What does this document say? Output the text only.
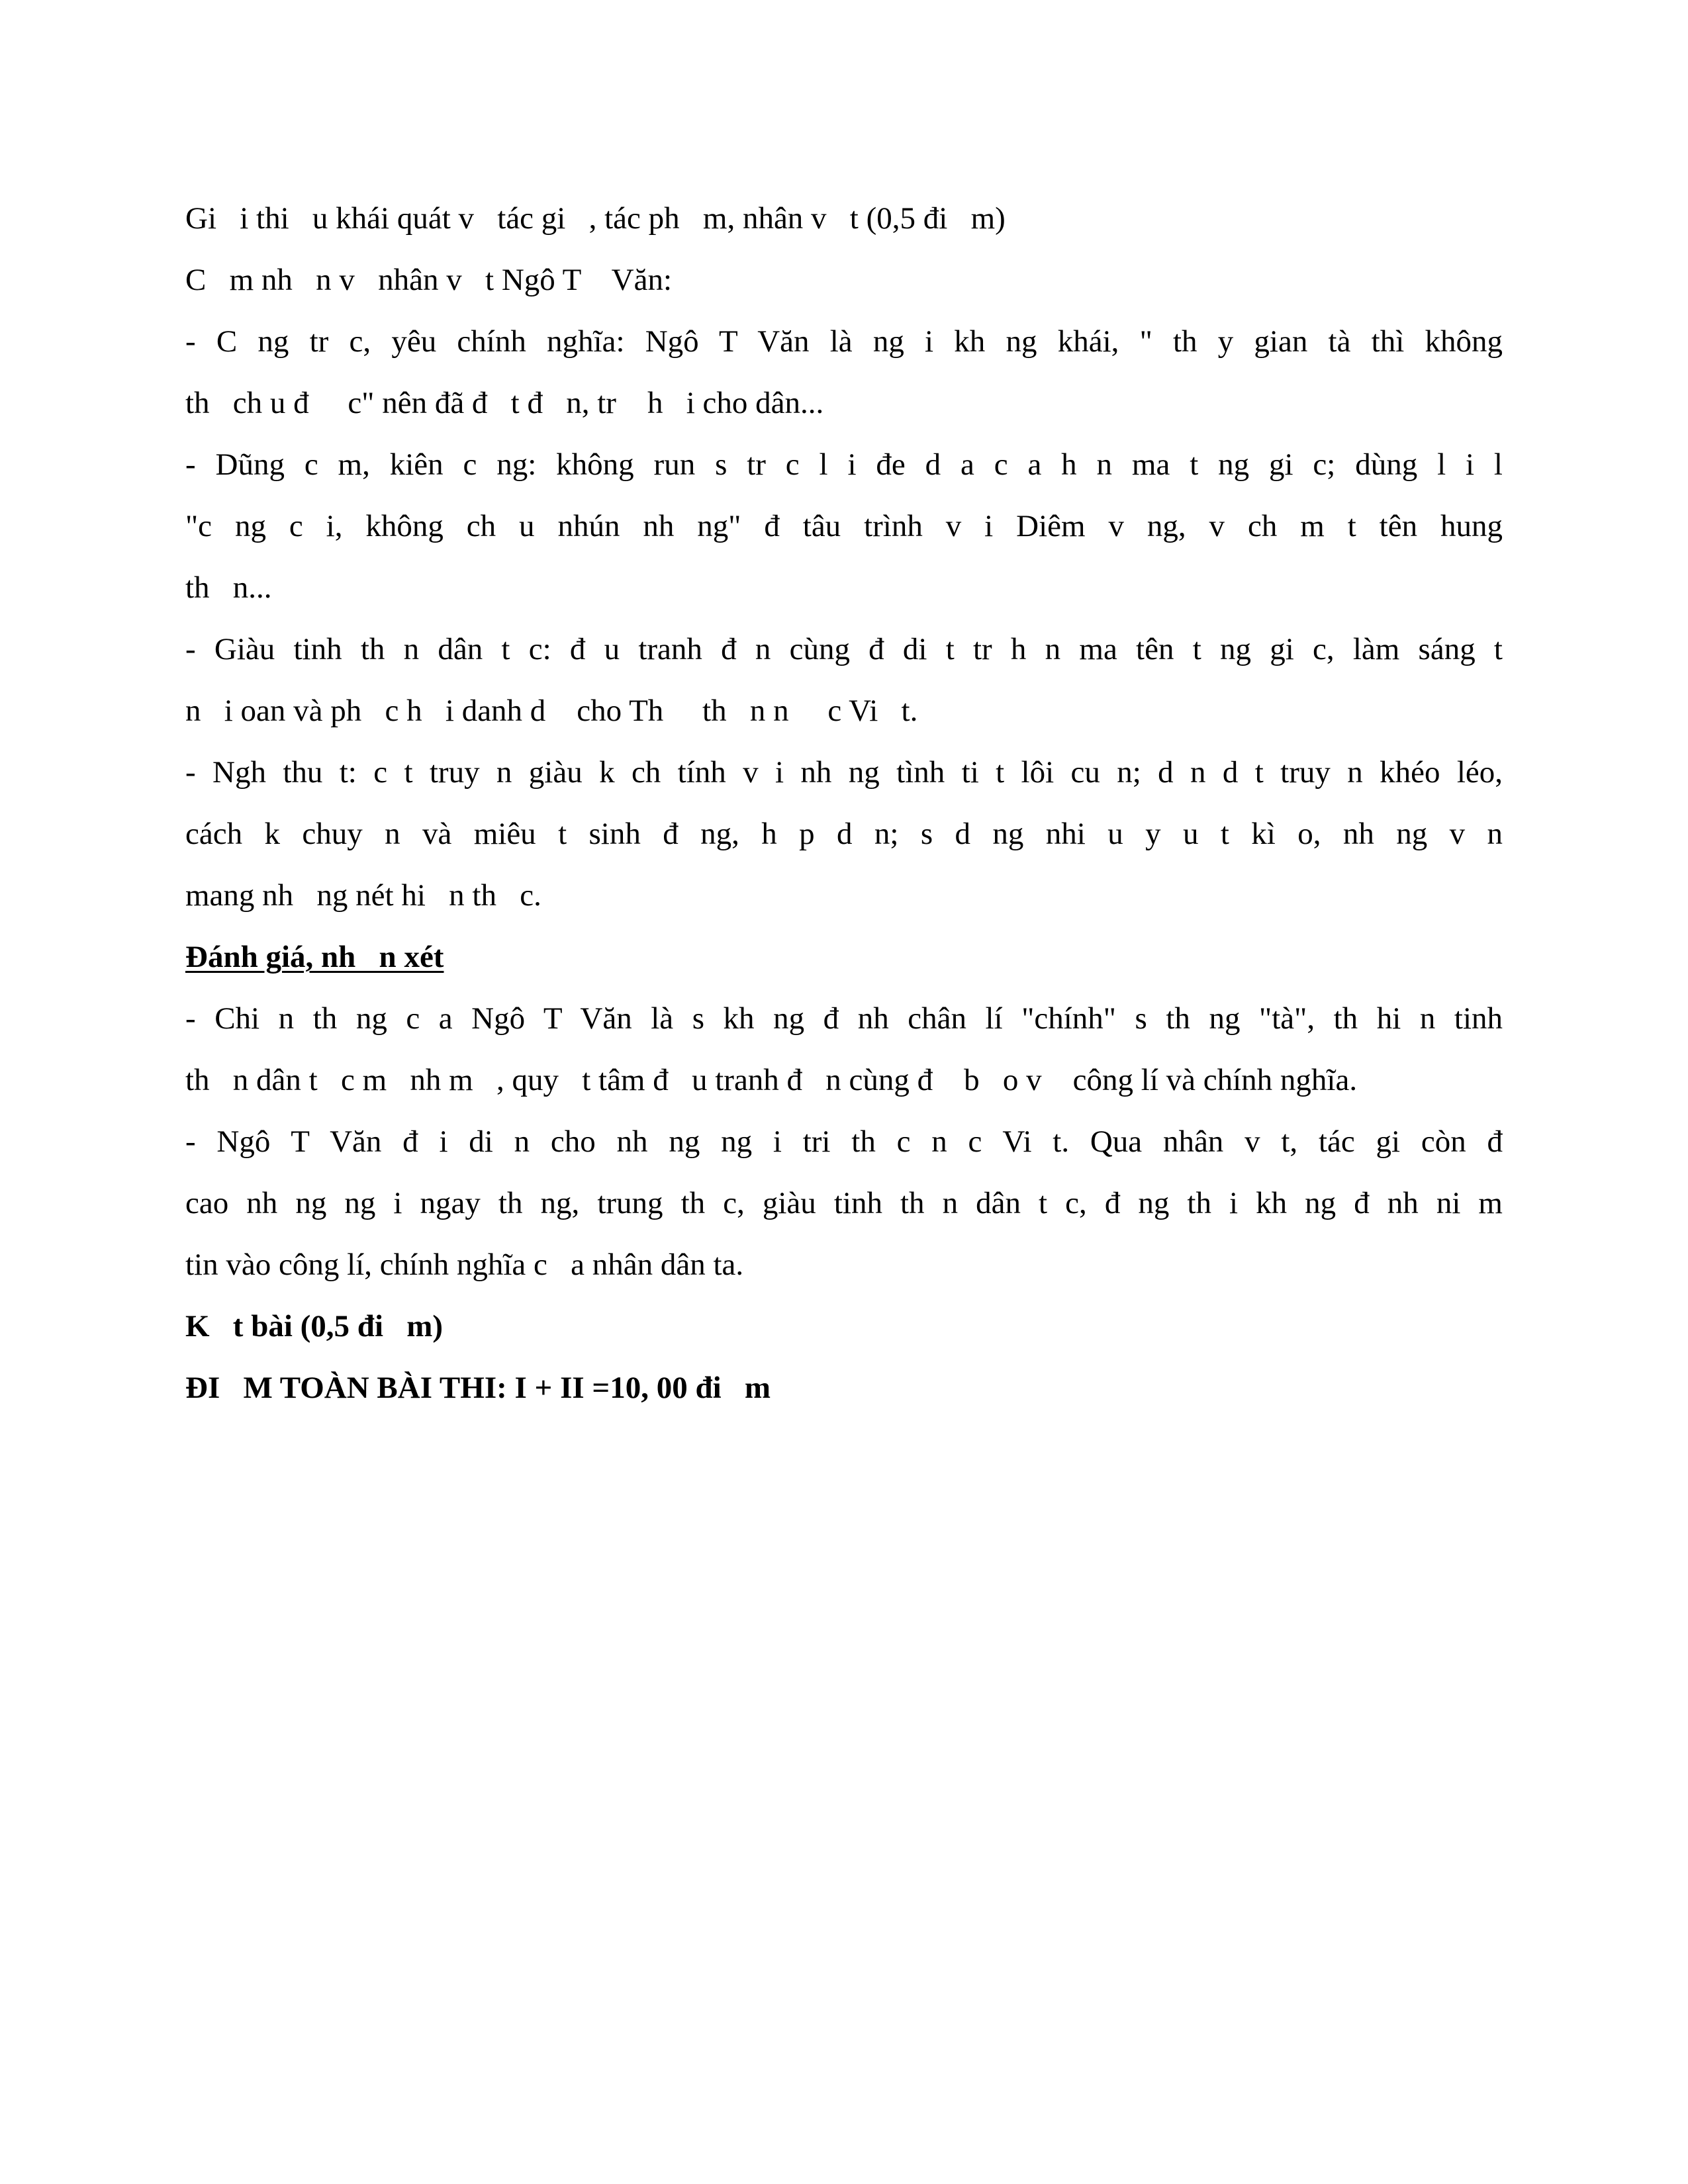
Gi   i thi   u khái quát v   tác gi   , tác ph   m, nhân v   t (0,5 đi   m)

C   m nh   n v   nhân v   t Ngô T    Văn:

- C ng tr c, yêu chính nghĩa: Ngô T Văn là ng i kh ng khái, " th y gian tà thì không

th   ch u đ     c" nên đã đ   t đ   n, tr    h   i cho dân...

- Dũng c m, kiên c ng: không run s tr c l i đe d a c a h n ma t ng gi c; dùng l i l

"c ng c i, không ch u nhún nh ng" đ tâu trình v i Diêm v ng, v ch m t tên hung

th   n...

- Giàu tinh th n dân t c: đ u tranh đ n cùng đ di t tr h n ma tên t ng gi c, làm sáng t

n   i oan và ph   c h   i danh d    cho Th     th   n n     c Vi   t.

- Ngh thu t: c t truy n giàu k ch tính v i nh ng tình ti t lôi cu n; d n d t truy n khéo léo,

cách k chuy n và miêu t sinh đ ng, h p d n; s d ng nhi u y u t kì o, nh ng v n

mang nh   ng nét hi   n th   c.

Đánh giá, nh   n xét

- Chi n th ng c a Ngô T Văn là s kh ng đ nh chân lí "chính" s th ng "tà", th hi n tinh

th   n dân t   c m   nh m   , quy   t tâm đ   u tranh đ   n cùng đ    b   o v    công lí và chính nghĩa.

- Ngô T Văn đ i di n cho nh ng ng i tri th c n c Vi t. Qua nhân v t, tác gi còn đ

cao nh ng ng i ngay th ng, trung th c, giàu tinh th n dân t c, đ ng th i kh ng đ nh ni m

tin vào công lí, chính nghĩa c   a nhân dân ta.

K   t bài (0,5 đi   m)

ĐI   M TOÀN BÀI THI: I + II =10, 00 đi   m
